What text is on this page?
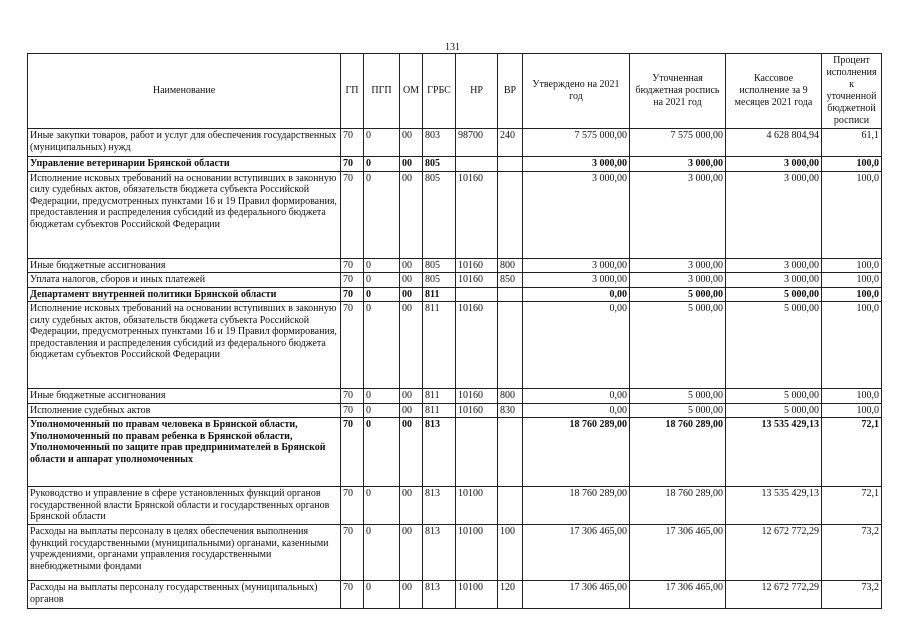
131
Наименование	ГП	ПГП	ОМ	ГРБС	НР	ВР	Утверждено на 2021 год	Уточненная бюджетная роспись на 2021 год	Кассовое исполнение за 9 месяцев 2021 года	Процент исполнения к уточненной бюджетной росписи
Иные закупки товаров, работ и услуг для обеспечения государственных (муниципальных) нужд	70	0	00	803	98700	240	7 575 000,00	7 575 000,00	4 628 804,94	61,1
Управление ветеринарии Брянской области	70	0	00	805			3 000,00	3 000,00	3 000,00	100,0
Исполнение исковых требований на основании вступивших в законную силу судебных актов, обязательств бюджета субъекта Российской Федерации, предусмотренных пунктами 16 и 19 Правил формирования, предоставления и распределения субсидий из федерального бюджета бюджетам субъектов Российской Федерации	70	0	00	805	10160		3 000,00	3 000,00	3 000,00	100,0
Иные бюджетные ассигнования	70	0	00	805	10160	800	3 000,00	3 000,00	3 000,00	100,0
Уплата налогов, сборов и иных платежей	70	0	00	805	10160	850	3 000,00	3 000,00	3 000,00	100,0
Департамент внутренней политики Брянской области	70	0	00	811			0,00	5 000,00	5 000,00	100,0
Исполнение исковых требований на основании вступивших в законную силу судебных актов, обязательств бюджета субъекта Российской Федерации, предусмотренных пунктами 16 и 19 Правил формирования, предоставления и распределения субсидий из федерального бюджета бюджетам субъектов Российской Федерации	70	0	00	811	10160		0,00	5 000,00	5 000,00	100,0
Иные бюджетные ассигнования	70	0	00	811	10160	800	0,00	5 000,00	5 000,00	100,0
Исполнение судебных актов	70	0	00	811	10160	830	0,00	5 000,00	5 000,00	100,0
Уполномоченный по правам человека в Брянской области, Уполномоченный по правам ребенка в Брянской области, Уполномоченный по защите прав предпринимателей в Брянской области и аппарат уполномоченных	70	0	00	813			18 760 289,00	18 760 289,00	13 535 429,13	72,1
Руководство и управление в сфере установленных функций органов государственной власти Брянской области и государственных органов Брянской области	70	0	00	813	10100		18 760 289,00	18 760 289,00	13 535 429,13	72,1
Расходы на выплаты персоналу в целях обеспечения выполнения функций государственными (муниципальными) органами, казенными учреждениями, органами управления государственными внебюджетными фондами	70	0	00	813	10100	100	17 306 465,00	17 306 465,00	12 672 772,29	73,2
Расходы на выплаты персоналу государственных (муниципальных) органов	70	0	00	813	10100	120	17 306 465,00	17 306 465,00	12 672 772,29	73,2
